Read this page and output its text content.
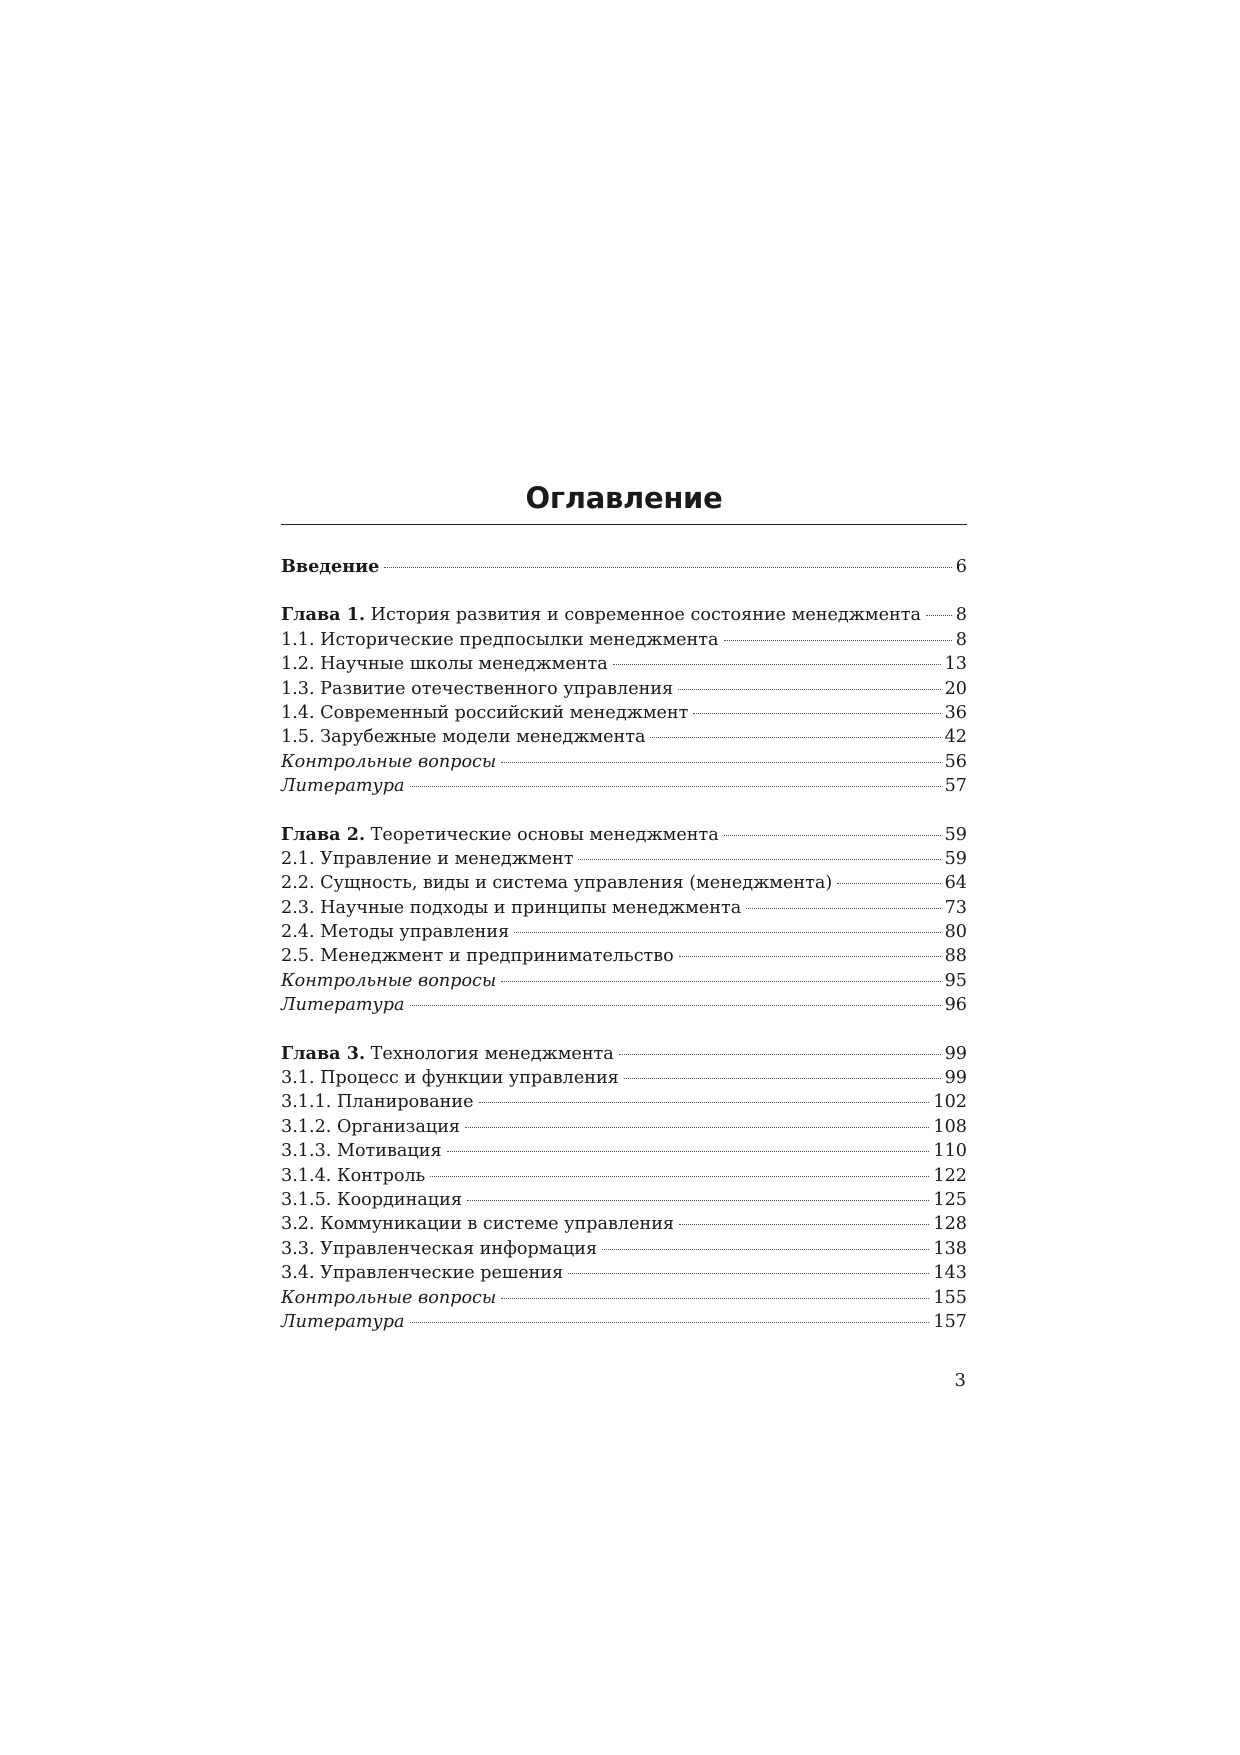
Оглавление
Введение	6
Глава 1. История развития и современное состояние менеджмента 8
1.1. Исторические предпосылки менеджмента	8
1.2. Научные школы менеджмента	13
1.3. Развитие отечественного управления	20
1.4. Современный российский менеджмент	36
1.5. Зарубежные модели менеджмента	42
Контрольные вопросы	56
Литература	57
Глава 2. Теоретические основы менеджмента	59
2.1. Управление и менеджмент	59
2.2. Сущность, виды и система управления (менеджмента)	64
2.3. Научные подходы и принципы менеджмента	73
2.4. Методы управления	80
2.5. Менеджмент и предпринимательство	88
Контрольные вопросы	95
Литература	96
Глава 3. Технология менеджмента	99
3.1. Процесс и функции управления	99
3.1.1. Планирование	102
3.1.2. Организация	108
3.1.3. Мотивация	110
3.1.4. Контроль	122
3.1.5. Координация	125
3.2. Коммуникации в системе управления	128
3.3. Управленческая информация	138
3.4. Управленческие решения	143
Контрольные вопросы	155
Литература	157
3
